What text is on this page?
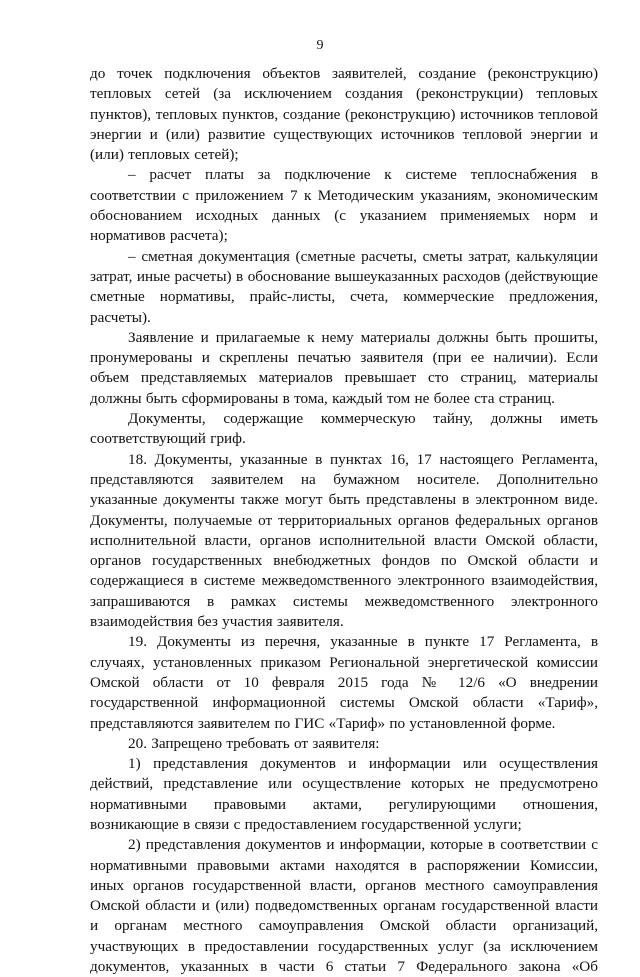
9

до точек подключения объектов заявителей, создание (реконструкцию) тепловых сетей (за исключением создания (реконструкции) тепловых пунктов), тепловых пунктов, создание (реконструкцию) источников тепловой энергии и (или) развитие существующих источников тепловой энергии и (или) тепловых сетей);

– расчет платы за подключение к системе теплоснабжения в соответствии с приложением 7 к Методическим указаниям, экономическим обоснованием исходных данных (с указанием применяемых норм и нормативов расчета);

– сметная документация (сметные расчеты, сметы затрат, калькуляции затрат, иные расчеты) в обоснование вышеуказанных расходов (действующие сметные нормативы, прайс-листы, счета, коммерческие предложения, расчеты).

Заявление и прилагаемые к нему материалы должны быть прошиты, пронумерованы и скреплены печатью заявителя (при ее наличии). Если объем представляемых материалов превышает сто страниц, материалы должны быть сформированы в тома, каждый том не более ста страниц.

Документы, содержащие коммерческую тайну, должны иметь соответствующий гриф.

18. Документы, указанные в пунктах 16, 17 настоящего Регламента, представляются заявителем на бумажном носителе. Дополнительно указанные документы также могут быть представлены в электронном виде. Документы, получаемые от территориальных органов федеральных органов исполнительной власти, органов исполнительной власти Омской области, органов государственных внебюджетных фондов по Омской области и содержащиеся в системе межведомственного электронного взаимодействия, запрашиваются в рамках системы межведомственного электронного взаимодействия без участия заявителя.

19. Документы из перечня, указанные в пункте 17 Регламента, в случаях, установленных приказом Региональной энергетической комиссии Омской области от 10 февраля 2015 года № 12/6 «О внедрении государственной информационной системы Омской области «Тариф», представляются заявителем по ГИС «Тариф» по установленной форме.

20. Запрещено требовать от заявителя:

1) представления документов и информации или осуществления действий, представление или осуществление которых не предусмотрено нормативными правовыми актами, регулирующими отношения, возникающие в связи с предоставлением государственной услуги;

2) представления документов и информации, которые в соответствии с нормативными правовыми актами находятся в распоряжении Комиссии, иных органов государственной власти, органов местного самоуправления Омской области и (или) подведомственных органам государственной власти и органам местного самоуправления Омской области организаций, участвующих в предоставлении государственных услуг (за исключением документов, указанных в части 6 статьи 7 Федерального закона «Об
